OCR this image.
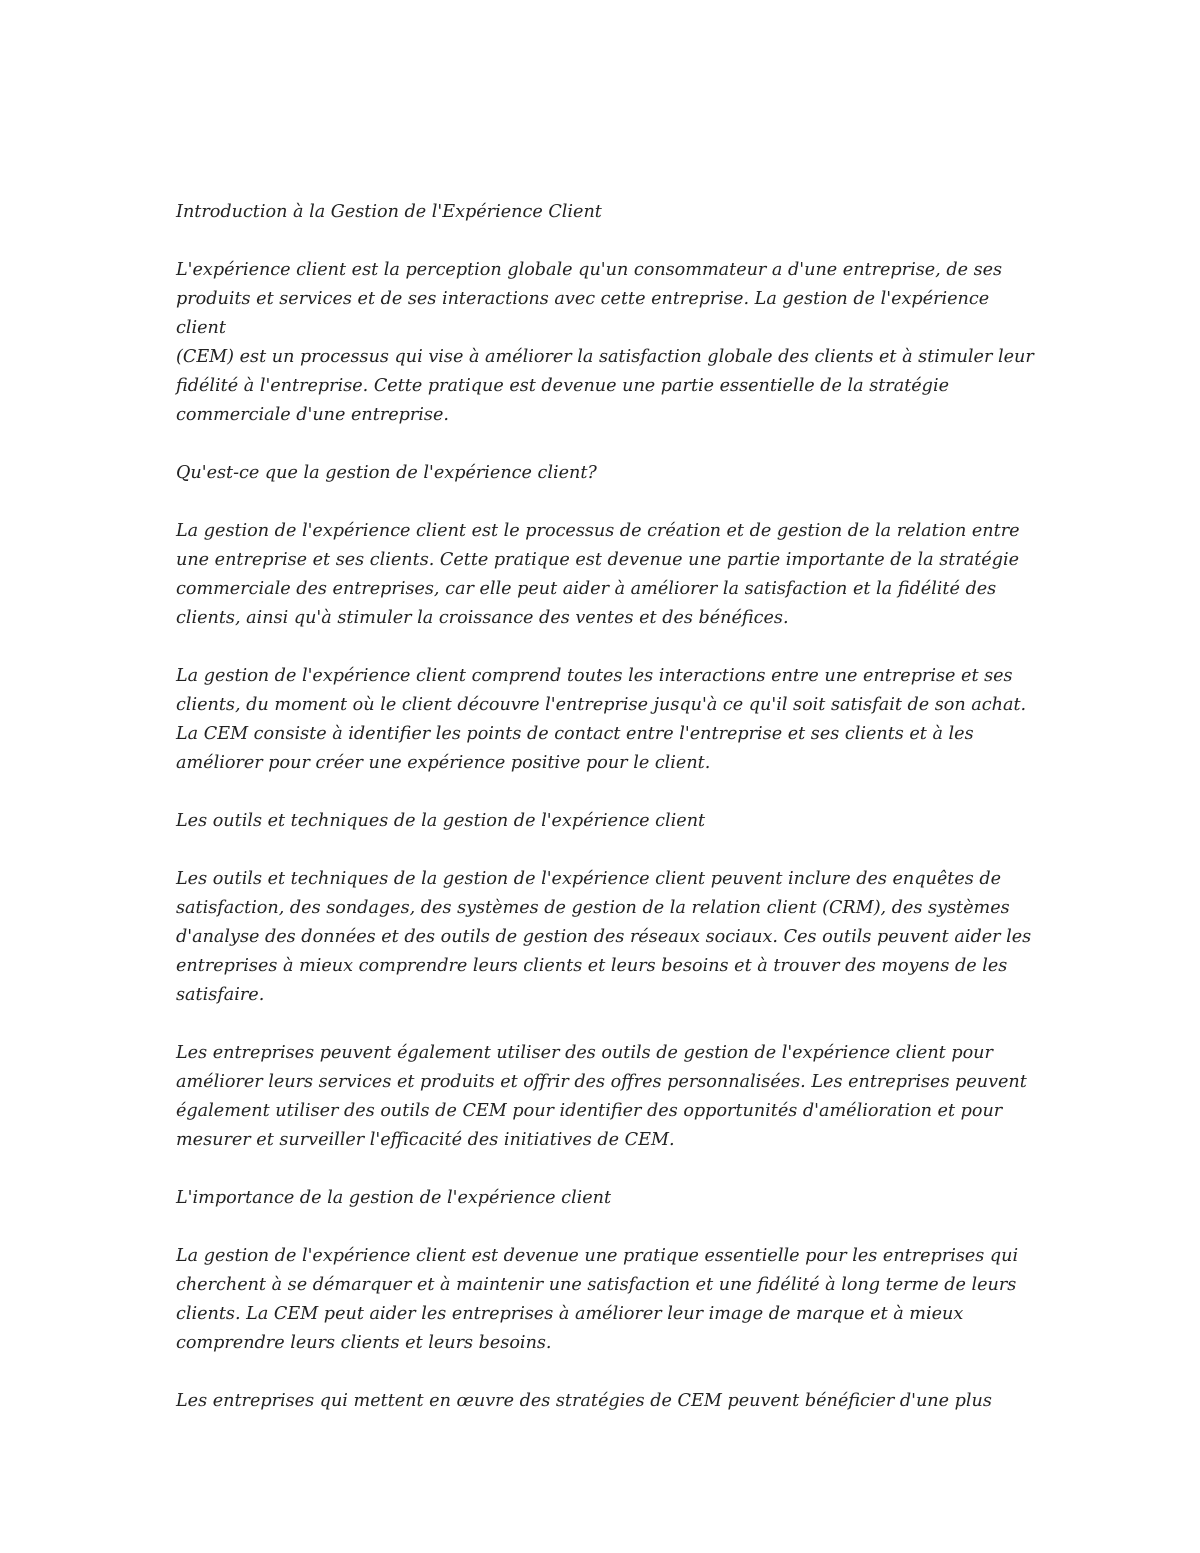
Introduction à la Gestion de l'Expérience Client
L'expérience client est la perception globale qu'un consommateur a d'une entreprise, de ses
produits et services et de ses interactions avec cette entreprise. La gestion de l'expérience client
(CEM) est un processus qui vise à améliorer la satisfaction globale des clients et à stimuler leur
fidélité à l'entreprise. Cette pratique est devenue une partie essentielle de la stratégie
commerciale d'une entreprise.
Qu'est-ce que la gestion de l'expérience client?
La gestion de l'expérience client est le processus de création et de gestion de la relation entre
une entreprise et ses clients. Cette pratique est devenue une partie importante de la stratégie
commerciale des entreprises, car elle peut aider à améliorer la satisfaction et la fidélité des
clients, ainsi qu'à stimuler la croissance des ventes et des bénéfices.
La gestion de l'expérience client comprend toutes les interactions entre une entreprise et ses
clients, du moment où le client découvre l'entreprise jusqu'à ce qu'il soit satisfait de son achat.
La CEM consiste à identifier les points de contact entre l'entreprise et ses clients et à les
améliorer pour créer une expérience positive pour le client.
Les outils et techniques de la gestion de l'expérience client
Les outils et techniques de la gestion de l'expérience client peuvent inclure des enquêtes de
satisfaction, des sondages, des systèmes de gestion de la relation client (CRM), des systèmes
d'analyse des données et des outils de gestion des réseaux sociaux. Ces outils peuvent aider les
entreprises à mieux comprendre leurs clients et leurs besoins et à trouver des moyens de les
satisfaire.
Les entreprises peuvent également utiliser des outils de gestion de l'expérience client pour
améliorer leurs services et produits et offrir des offres personnalisées. Les entreprises peuvent
également utiliser des outils de CEM pour identifier des opportunités d'amélioration et pour
mesurer et surveiller l'efficacité des initiatives de CEM.
L'importance de la gestion de l'expérience client
La gestion de l'expérience client est devenue une pratique essentielle pour les entreprises qui
cherchent à se démarquer et à maintenir une satisfaction et une fidélité à long terme de leurs
clients. La CEM peut aider les entreprises à améliorer leur image de marque et à mieux
comprendre leurs clients et leurs besoins.
Les entreprises qui mettent en œuvre des stratégies de CEM peuvent bénéficier d'une plus
